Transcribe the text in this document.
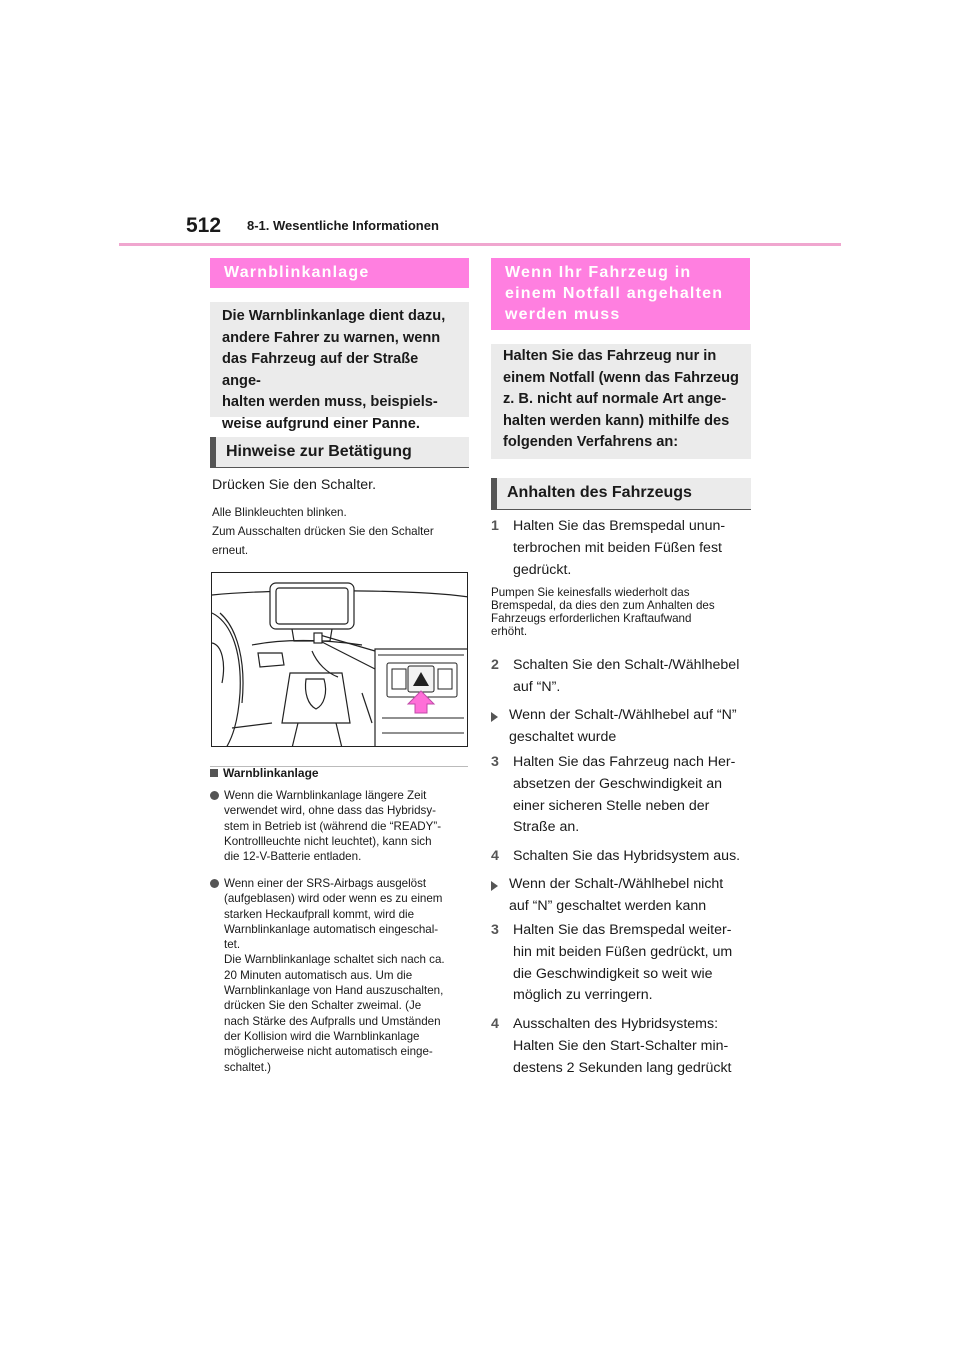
512 8-1. Wesentliche Informationen
Warnblinkanlage
Die Warnblinkanlage dient dazu,
andere Fahrer zu warnen, wenn
das Fahrzeug auf der Straße ange-
halten werden muss, beispiels-
weise aufgrund einer Panne.
Hinweise zur Betätigung
Drücken Sie den Schalter.

Alle Blinkleuchten blinken.

Zum Ausschalten drücken Sie den Schalter

erneut.

Warnblinkanlage

Wenn die Warnblinkanlage längere Zeit

verwendet wird, ohne dass das Hybridsy-

stem in Betrieb ist (während die “READY”-

Kontrollleuchte nicht leuchtet), kann sich

die 12-V-Batterie entladen.

Wenn einer der SRS-Airbags ausgelöst

(aufgeblasen) wird oder wenn es zu einem

starken Heckaufprall kommt, wird die

Warnblinkanlage automatisch eingeschal-

tet.

Die Warnblinkanlage schaltet sich nach ca.

20 Minuten automatisch aus. Um die

Warnblinkanlage von Hand auszuschalten,

drücken Sie den Schalter zweimal. (Je

nach Stärke des Aufpralls und Umständen

der Kollision wird die Warnblinkanlage

möglicherweise nicht automatisch einge-

schaltet.)

Wenn Ihr Fahrzeug in
einem Notfall angehalten
werden muss
Halten Sie das Fahrzeug nur in
einem Notfall (wenn das Fahrzeug
z. B. nicht auf normale Art ange-
halten werden kann) mithilfe des
folgenden Verfahrens an:
Anhalten des Fahrzeugs
1 Halten Sie das Bremspedal unun-
terbrochen mit beiden Füßen fest
gedrückt.

Pumpen Sie keinesfalls wiederholt das

Bremspedal, da dies den zum Anhalten des

Fahrzeugs erforderlichen Kraftaufwand

erhöht.

2 Schalten Sie den Schalt-/Wählhebel
auf “N”.
Wenn der Schalt-/Wählhebel auf “N”
geschaltet wurde
3 Halten Sie das Fahrzeug nach Her-
absetzen der Geschwindigkeit an
einer sicheren Stelle neben der
Straße an.
4 Schalten Sie das Hybridsystem aus.
Wenn der Schalt-/Wählhebel nicht
auf “N” geschaltet werden kann
3 Halten Sie das Bremspedal weiter-
hin mit beiden Füßen gedrückt, um
die Geschwindigkeit so weit wie
möglich zu verringern.
4 Ausschalten des Hybridsystems:
Halten Sie den Start-Schalter min-
destens 2 Sekunden lang gedrückt
